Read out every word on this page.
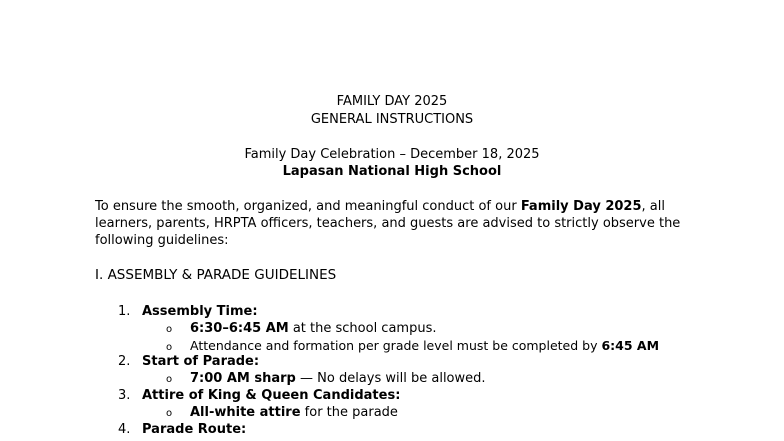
FAMILY DAY 2025
GENERAL INSTRUCTIONS
Family Day Celebration – December 18, 2025
Lapasan National High School
To ensure the smooth, organized, and meaningful conduct of our Family Day 2025, all learners, parents, HRPTA officers, teachers, and guests are advised to strictly observe the following guidelines:
I. ASSEMBLY & PARADE GUIDELINES
1. Assembly Time:
o 6:30–6:45 AM at the school campus.
o Attendance and formation per grade level must be completed by 6:45 AM
2. Start of Parade:
o 7:00 AM sharp — No delays will be allowed.
3. Attire of King & Queen Candidates:
o All-white attire for the parade
4. Parade Route:
